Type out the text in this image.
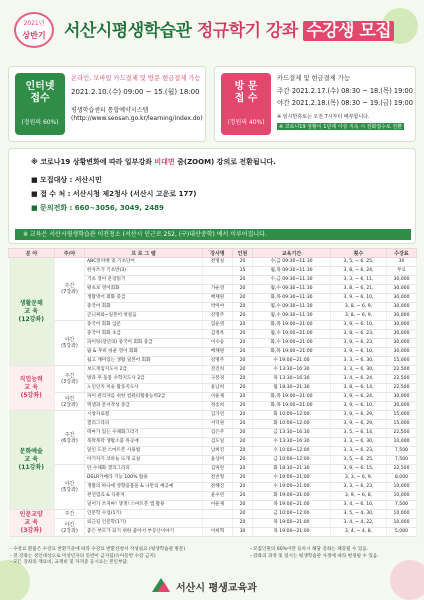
2021년
상반기	서산시평생학습관 정규학기 강좌 수강생 모집
인터넷
접수
(정원의 60%)
온라인, 모바일 카드결제 및 방문 현금결제 가능
2021.2.10.(수) 09:00 ~ 15.(월) 18:00
평생학습센터 통합예약시스템
(http://www.seosan.go.kr/learning/index.do)
방 문
접 수
(정원의 40%)
카드결제 및 현금결제 가능
주간 2021.2.17.(수) 08:30 ~ 18.(목) 19:00
야간 2021.2.18.(목) 08:30 ~ 19.(금) 19:00
※ 임시반휴토는 오전 7시부터 배부합니다.
※ 코로나19 상황이 1단계 이상 지속 시 전화접수로 전환
※ 코로나19 상황변화에 따라 일부강좌 비대면 줌(ZOOM) 강의로 전환됩니다.
■ 모집대상 : 서산시민
■ 접 수 처 : 서산시청 제2청사 (서산시 고운로 177)
■ 문의전화 : 660~3056, 3049, 2489
※ 교육은 서산시평생학습관 이전청소 (서산시 인근로 252, (구)대산중학) 에서 이루어집니다.
분 야	주/야	프 로 그 램	강사명	인원	교육기간	횟수	수강료
생활문해
교 육
(12강좌)	주간
(7강좌)	ABC알파벳 및 기초단어	전명실	20	수,금 09:30~11:30	3, 5, ~ 6, 25,	30
		한자쓰기 기초반(3)		15	월,목 09:30~11:30	3, 8, ~ 6, 24,	무료
		기초 영어 문장읽기		20	수,금 09:30~11:30	3, 3, ~ 6, 11,	30,000
		왕초보 영어회화	가순영	20	월,수 09:30~11:30	3, 8, ~ 6, 21,	30,000
		생활영어 회화 중급	배채원	20	화,목 09:30~11:30	3, 9, ~ 6, 10,	30,000
		중국어 회화	박미야	20	월,수 09:30~11:30	3, 8, ~ 6, 9,	30,000
		곤니찌와~일본어 첫걸음	강명주	20	월,수 09:30~11:30	3, 8, ~ 6, 9,	30,000
	야간
(5강좌)	중국어 회화 입문	임운영	20	화,목 19:00~21:00	3, 9, ~ 6, 10,	30,000
		중국어 회화 초급	김정옥	20	월,수 19:00~21:00	3, 8, ~ 6, 23,	30,000
		파이팅(장년의) 중국어 회화 중급	이수승	20	화,수 19:00~21:00	3, 9, ~ 6, 23,	30,000
		팝 & 무비 쉬운 영어 회화	배채원	20	화,목 19:00~21:00	3, 9, ~ 6, 10,	30,000
		쉽고 재미있는 생활 일본어 회화	강명주	20	수 19:00~21:00	3, 3, ~ 6, 30,	15,000
직업능력
교 육
(5강좌)	주간
(3강좌)	보드게임지도사 2급	전진희	20	수 13:30~16:30	3, 3, ~ 6, 30,	22,500
		방과 후 돌봄 수학지도사 2급	구본경	20	목 13:30~16:30	3, 4, ~ 6, 24,	22,500
		노인인지 미술 활동지도사	윤남희	20	월 18:30~21:30	3, 8, ~ 6, 14,	22,500
	야간
(2강좌)	파이 관리자를 위한 컴퓨터활용능력2급	이운제	20	화,목 19:00~21:00	3, 9, ~ 6, 24,	30,000
		엑셀과 문서작성 중급	정송희	20	화,목 19:00~21:00	3, 9, ~ 6, 10,	30,000
문화예술
교 육
(11강좌)	주간
(6강좌)	시창자로컬	김가연	20	화 10:00~12:00	3, 9, ~ 6, 29,	15,000
		캘리그라피	서덕원	20	화 10:00~12:00	3, 9, ~ 6, 29,	15,000
		테마가 있는 수채화그리기	김은주	20	금 13:30~16:30	3, 5, ~ 6, 14,	22,500
		목막목막 생활소품 목공예	김도일	20	수 13:30~16:30	3, 3, ~ 6, 30,	10,000
		달인 도전 스마트폰 사용법	남희진	20	수 10:00~12:00	3, 3, ~ 6, 23,	7,500
		아기자기 코바늘 뜨개 교실	윤상미	20	금 10:00~12:00	3, 5, ~ 6, 25,	7,500
	야간
(5강좌)	탄 수채화 캘리그라피	김미란	20	화 18:30~21:30	3, 9, ~ 6, 15,	22,500
		DSLR카메라 기능 100% 활용	전찬형	20	수 19:00~21:00	3, 3, ~ 6, 9,	8,000
		생활의 하나에 영향을품을 & 나만의 예공예	전혜진	20	수 19:00~21:00	3, 3, ~ 6, 23,	10,000
		천연염료 & 디퓨저	윤수빈	20	화 19:00~21:00	3, 9, ~ 6, 8,	10,000
		일어가 쓰지마! 생생! 스마트폰 앱 활용	이운제	20	목 19:00~21:00	3, 4, ~ 6, 10,	7,500
인문교양
교 육
(3강좌)	주간	인문학 수업(1기)		20	금 10:00~12:00	3, 5, ~ 4, 30,	10,000
	야간
(2강좌)	퇴근길 인문학(1기)		20	목 19:00~21:00	3, 4, ~ 4, 22,	10,000
		좋은 부모가 되기 위한 좋아서 부동산이야기	이희혁	30	목 19:00~21:00	3, 4, ~ 4, 8,	5,000
- 수강료 환불은 수강료 반환기준에 따라 수강료 반환신청서 작성필요 (평생학습관 방문)
- 전 강좌는 성인대상으로 미성년자의 동반이 금지됨(유아동반 수강 금지)
- 모든 강좌의 재료비, 교재비 및 자격증 응시료는 본인부담.
- 모집인원의 60%이만 등록시 해당 강좌는 폐강될 수 있음.
- 강좌의 과정 및 일시는 평생학습관 사정에 따라 변경될 수 있음.
서산시 평생교육과
